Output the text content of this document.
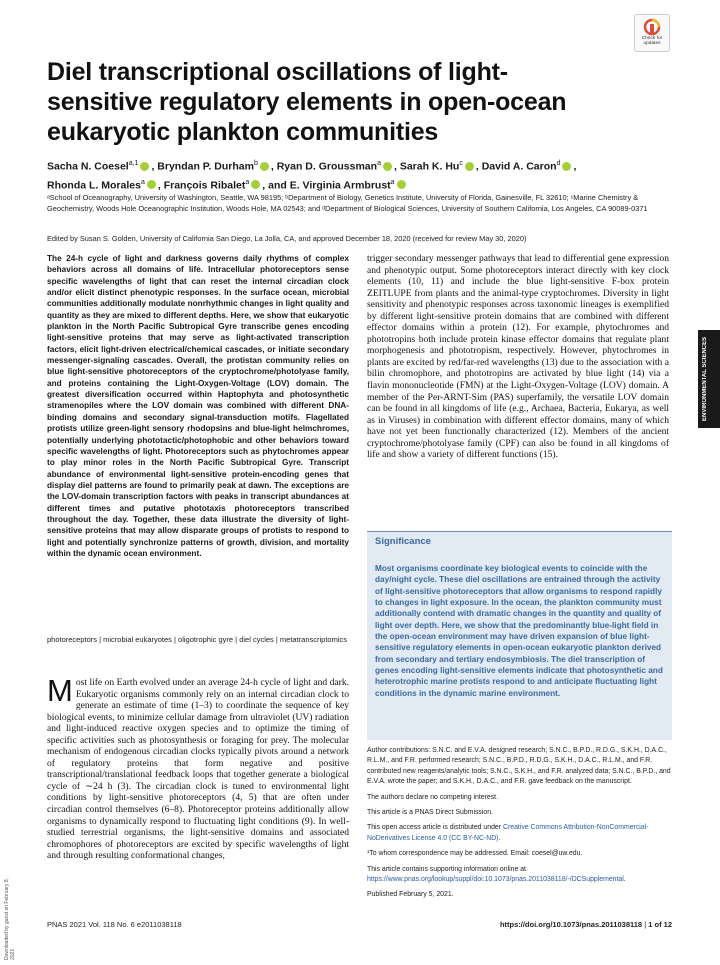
Check for
updates
Diel transcriptional oscillations of light-sensitive regulatory elements in open-ocean eukaryotic plankton communities
Sacha N. Coesel$^{a,1}$ , Bryndan P. Durham$^b$ , Ryan D. Groussman$^a$ , Sarah K. Hu$^c$ , David A. Caron$^d$ ,
Rhonda L. Morales$^a$ , François Ribalet$^a$ , and E. Virginia Armbrust$^a$
ᵃSchool of Oceanography, University of Washington, Seattle, WA 98195; ᵇDepartment of Biology, Genetics Institute, University of Florida, Gainesville, FL 32610; ᶜMarine Chemistry & Geochemistry, Woods Hole Oceanographic Institution, Woods Hole, MA 02543; and ᵈDepartment of Biological Sciences, University of Southern California, Los Angeles, CA 90089-0371
Edited by Susan S. Golden, University of California San Diego, La Jolla, CA, and approved December 18, 2020 (received for review May 30, 2020)
The 24-h cycle of light and darkness governs daily rhythms of complex behaviors across all domains of life. Intracellular photoreceptors sense specific wavelengths of light that can reset the internal circadian clock and/or elicit distinct phenotypic responses. In the surface ocean, microbial communities additionally modulate nonrhythmic changes in light quality and quantity as they are mixed to different depths. Here, we show that eukaryotic plankton in the North Pacific Subtropical Gyre transcribe genes encoding light-sensitive proteins that may serve as light-activated transcription factors, elicit light-driven electrical/chemical cascades, or initiate secondary messenger-signaling cascades. Overall, the protistan community relies on blue light-sensitive photoreceptors of the cryptochrome/photolyase family, and proteins containing the Light-Oxygen-Voltage (LOV) domain. The greatest diversification occurred within Haptophyta and photosynthetic stramenopiles where the LOV domain was combined with different DNA-binding domains and secondary signal-transduction motifs. Flagellated protists utilize green-light sensory rhodopsins and blue-light helmchromes, potentially underlying phototactic/photophobic and other behaviors toward specific wavelengths of light. Photoreceptors such as phytochromes appear to play minor roles in the North Pacific Subtropical Gyre. Transcript abundance of environmental light-sensitive protein-encoding genes that display diel patterns are found to primarily peak at dawn. The exceptions are the LOV-domain transcription factors with peaks in transcript abundances at different times and putative phototaxis photoreceptors transcribed throughout the day. Together, these data illustrate the diversity of light-sensitive proteins that may allow disparate groups of protists to respond to light and potentially synchronize patterns of growth, division, and mortality within the dynamic ocean environment.
photoreceptors | microbial eukaryotes | oligotrophic gyre | diel cycles | metatranscriptomics
Most life on Earth evolved under an average 24-h cycle of light and dark. Eukaryotic organisms commonly rely on an internal circadian clock to generate an estimate of time (1–3) to coordinate the sequence of key biological events, to minimize cellular damage from ultraviolet (UV) radiation and light-induced reactive oxygen species and to optimize the timing of specific activities such as photosynthesis or foraging for prey. The molecular mechanism of endogenous circadian clocks typically pivots around a network of regulatory proteins that form negative and positive transcriptional/translational feedback loops that together generate a biological cycle of ∼24 h (3). The circadian clock is tuned to environmental light conditions by light-sensitive photoreceptors (4, 5) that are often under circadian control themselves (6–8). Photoreceptor proteins additionally allow organisms to dynamically respond to fluctuating light conditions (9). In well-studied terrestrial organisms, the light-sensitive domains and associated chromophores of photoreceptors are excited by specific wavelengths of light and through resulting conformational changes,
trigger secondary messenger pathways that lead to differential gene expression and phenotypic output. Some photoreceptors interact directly with key clock elements (10, 11) and include the blue light-sensitive F-box protein ZEITLUPE from plants and the animal-type cryptochromes. Diversity in light sensitivity and phenotypic responses across taxonomic lineages is exemplified by different light-sensitive protein domains that are combined with different effector domains within a protein (12). For example, phytochromes and phototropins both include protein kinase effector domains that regulate plant morphogenesis and phototropism, respectively. However, phytochromes in plants are excited by red/far-red wavelengths (13) due to the association with a bilin chromophore, and phototropins are activated by blue light (14) via a flavin mononucleotide (FMN) at the Light-Oxygen-Voltage (LOV) domain. A member of the Per-ARNT-Sim (PAS) superfamily, the versatile LOV domain can be found in all kingdoms of life (e.g., Archaea, Bacteria, Eukarya, as well as in Viruses) in combination with different effector domains, many of which have not yet been functionally characterized (12). Members of the ancient cryptochrome/photolyase family (CPF) can also be found in all kingdoms of life and show a variety of different functions (15).
Significance
Most organisms coordinate key biological events to coincide with the day/night cycle. These diel oscillations are entrained through the activity of light-sensitive photoreceptors that allow organisms to respond rapidly to changes in light exposure. In the ocean, the plankton community must additionally contend with dramatic changes in the quantity and quality of light over depth. Here, we show that the predominantly blue-light field in the open-ocean environment may have driven expansion of blue light-sensitive regulatory elements in open-ocean eukaryotic plankton derived from secondary and tertiary endosymbiosis. The diel transcription of genes encoding light-sensitive elements indicate that photosynthetic and heterotrophic marine protists respond to and anticipate fluctuating light conditions in the dynamic marine environment.

Author contributions: S.N.C. and E.V.A. designed research; S.N.C., B.P.D., R.D.G., S.K.H., D.A.C., R.L.M., and F.R. performed research; S.N.C., B.P.D., R.D.G., S.K.H., D.A.C., R.L.M., and F.R. contributed new reagents/analytic tools; S.N.C., S.K.H., and F.R. analyzed data; S.N.C., B.P.D., and E.V.A. wrote the paper; and S.K.H., D.A.C., and F.R. gave feedback on the manuscript.

The authors declare no competing interest.

This article is a PNAS Direct Submission.

This open access article is distributed under Creative Commons Attribution-NonCommercial-NoDerivatives License 4.0 (CC BY-NC-ND).

¹To whom correspondence may be addressed. Email: coesel@uw.edu.

This article contains supporting information online at https://www.pnas.org/lookup/suppl/doi:10.1073/pnas.2011038118/-/DCSupplemental.

Published February 5, 2021.

ENVIRONMENTAL SCIENCES
Downloaded by guest on February 8, 2021
PNAS 2021 Vol. 118 No. 6 e2011038118	https://doi.org/10.1073/pnas.2011038118 | 1 of 12
